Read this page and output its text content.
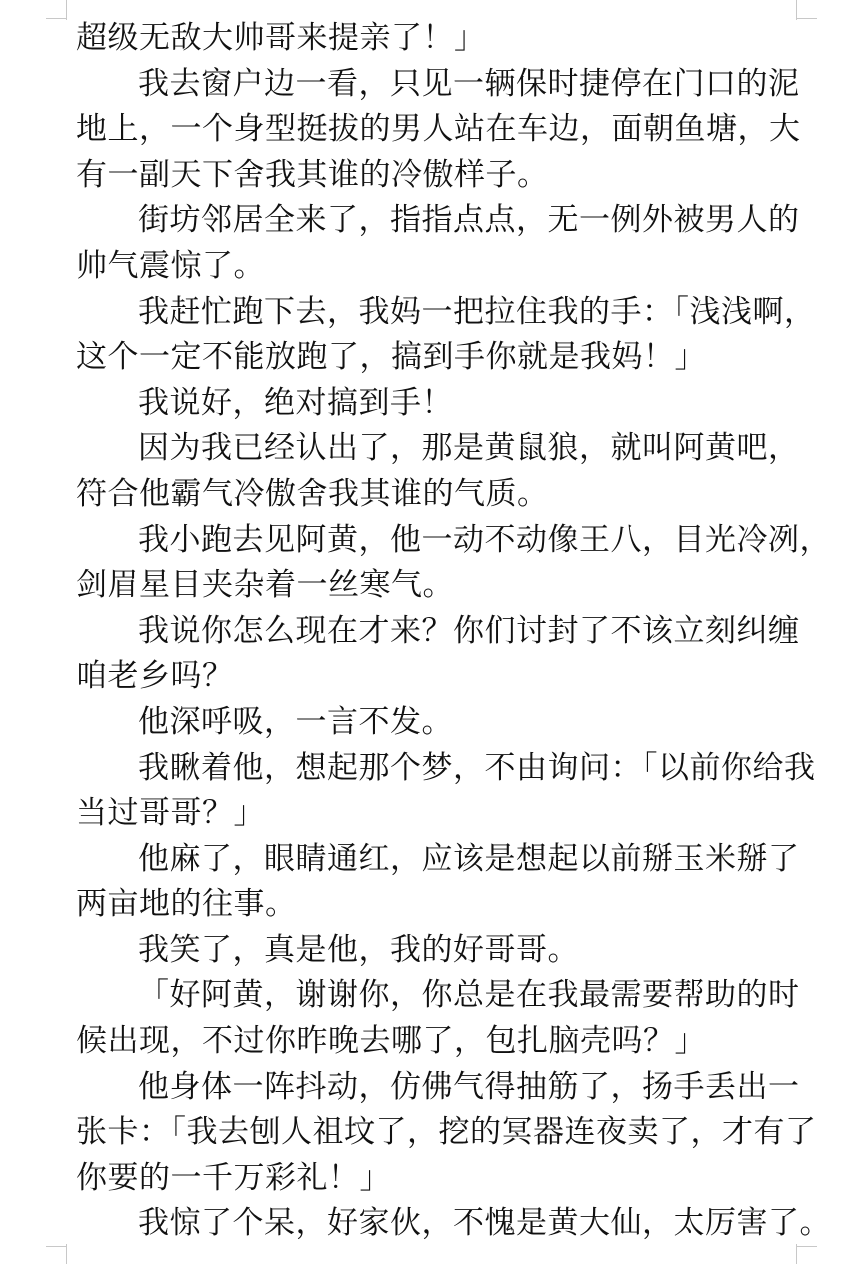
超级无敌大帅哥来提亲了！」
我去窗户边一看，只见一辆保时捷停在门口的泥
地上，一个身型挺拔的男人站在车边，面朝鱼塘，大
有一副天下舍我其谁的冷傲样子。
街坊邻居全来了，指指点点，无一例外被男人的
帅气震惊了。
我赶忙跑下去，我妈一把拉住我的手：「浅浅啊，
这个一定不能放跑了，搞到手你就是我妈！」
我说好，绝对搞到手！
因为我已经认出了，那是黄鼠狼，就叫阿黄吧，
符合他霸气冷傲舍我其谁的气质。
我小跑去见阿黄，他一动不动像王八，目光冷冽，
剑眉星目夹杂着一丝寒气。
我说你怎么现在才来？你们讨封了不该立刻纠缠
咱老乡吗？
他深呼吸，一言不发。
我瞅着他，想起那个梦，不由询问：「以前你给我
当过哥哥？」
他麻了，眼睛通红，应该是想起以前掰玉米掰了
两亩地的往事。
我笑了，真是他，我的好哥哥。
「好阿黄，谢谢你，你总是在我最需要帮助的时
候出现，不过你昨晚去哪了，包扎脑壳吗？」
他身体一阵抖动，仿佛气得抽筋了，扬手丢出一
张卡：「我去刨人祖坟了，挖的冥器连夜卖了，才有了
你要的一千万彩礼！」
我惊了个呆，好家伙，不愧是黄大仙，太厉害了。
